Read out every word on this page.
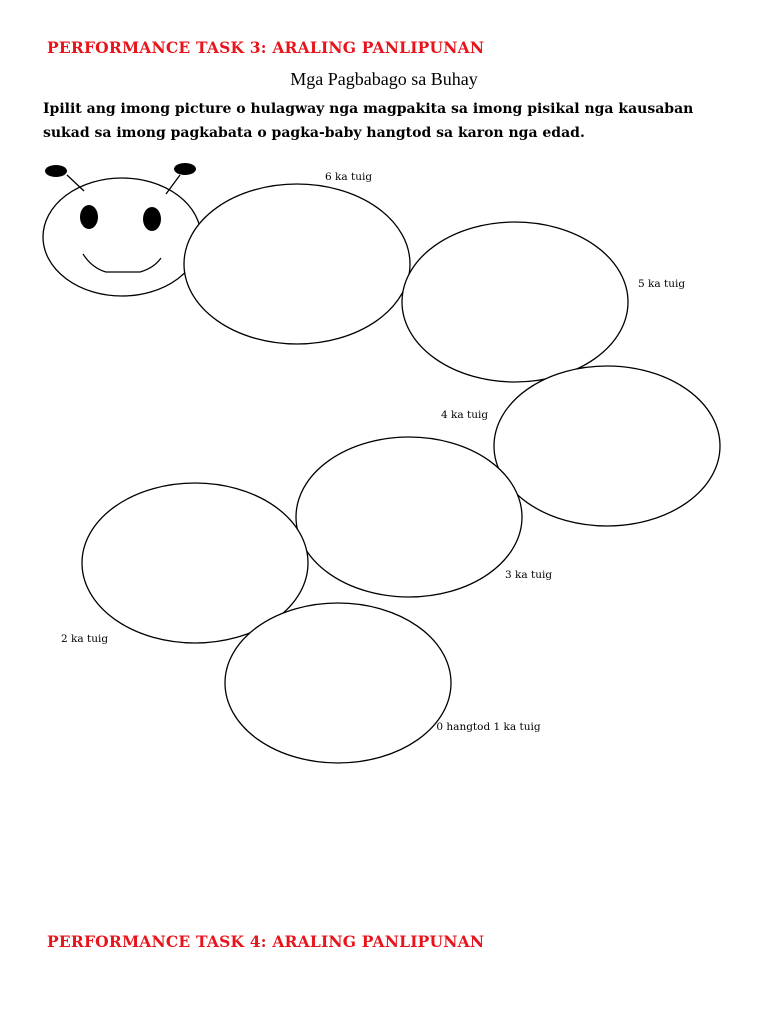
PERFORMANCE TASK 3: ARALING PANLIPUNAN
Mga Pagbabago sa Buhay
Ipilit ang imong picture o hulagway nga magpakita sa imong pisikal nga kausaban sukad sa imong pagkabata o pagka-baby hangtod sa karon nga edad.
6 ka tuig
5 ka tuig
4 ka tuig
3 ka tuig
2 ka tuig
0 hangtod 1 ka tuig
PERFORMANCE TASK 4: ARALING PANLIPUNAN
